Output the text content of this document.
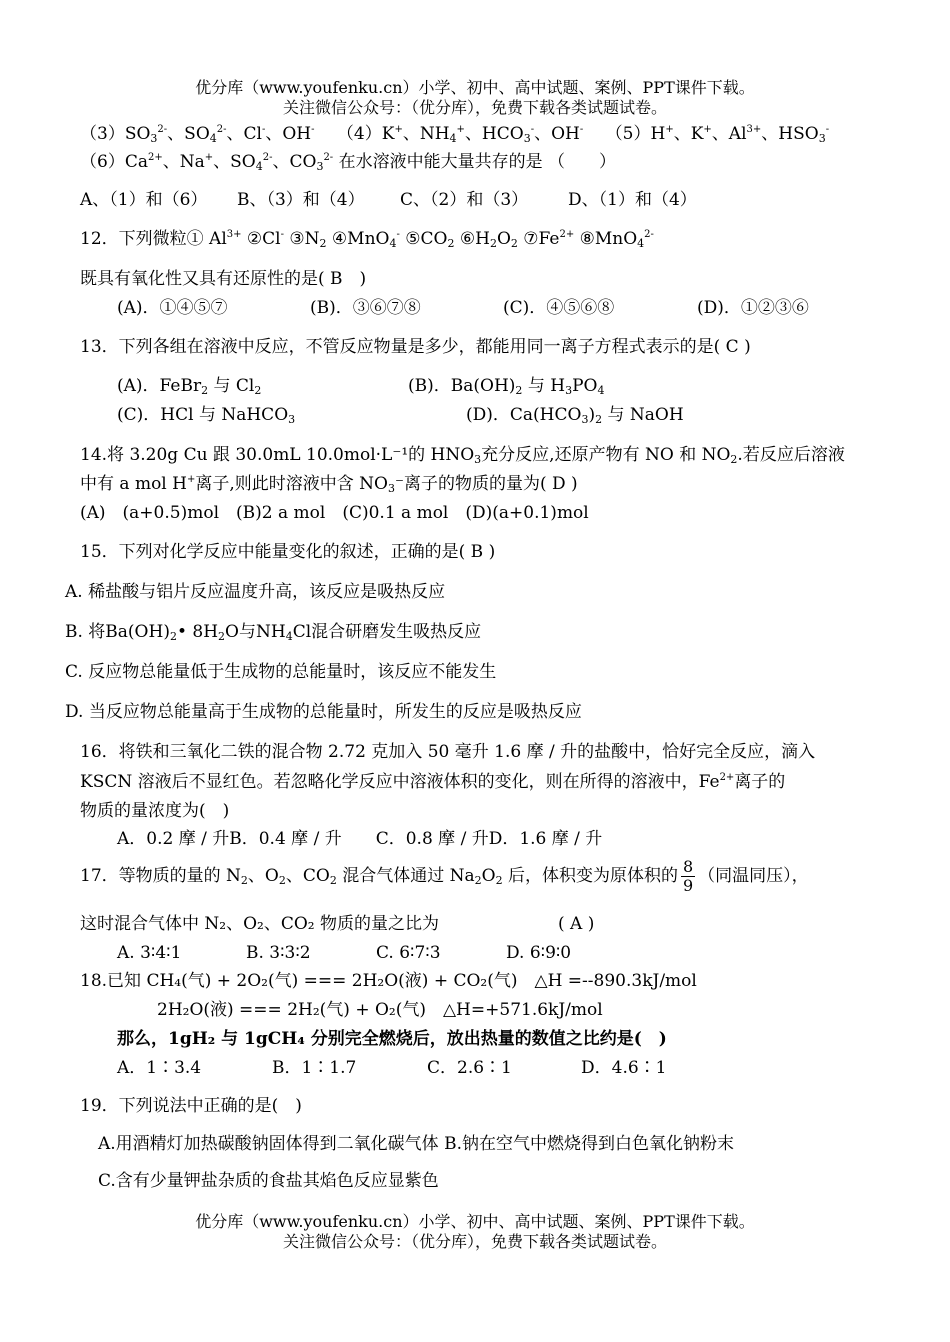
优分库（www.youfenku.cn）小学、初中、高中试题、案例、PPT课件下载。
关注微信公众号：（优分库），免费下载各类试题试卷。
$(3)SO_3^{2-}$、$SO_4^{2-}$、Cl-、OH-　 （4）K+、$NH_4^+$、$HCO_3^-$、OH-　 （5）H+、K+、$Al^{3+}$、$HSO_3^-$
$(6)Ca^{2+}$、Na+、$SO_4^{2-}$、$CO_3^{2-}$ 在水溶液中能大量共存的是 （　　）
A、（1）和（6） B、（3）和（4） C、（2）和（3） D、（1）和（4）
12．下列微粒① $Al^{3+}$ ②Cl- $③N_2$ ④MnO$_4$- $⑤CO_2$ $⑥H_2O_2$ $⑦Fe^{2+}$ ⑧MnO$_4^{2-}$
既具有氧化性又具有还原性的是( B　)
(A)．①④⑤⑦	(B)．③⑥⑦⑧	(C)．④⑤⑥⑧	(D)．①②③⑥
13．下列各组在溶液中反应，不管反应物量是多少，都能用同一离子方程式表示的是( C )
(A)．FeBr$_2$ 与 $Cl_2$	(B)．$Ba(OH)_2$ 与 $H_3PO_4$
(C)．HCl 与 NaHCO$_3$	(D)．$Ca(HCO_3)_2$ 与 NaOH
14.将 3.20g Cu 跟 30.0mL 10.0mol·L⁻¹的 $HNO_3$充分反应,还原产物有 NO 和 $NO_2$.若反应后溶液
中有 a mol H+离子,则此时溶液中含 $NO_3^-$离子的物质的量为( D )
(A)　(a+0.5)mol　(B)2 a mol　(C)0.1 a mol　(D)(a+0.1)mol
15．下列对化学反应中能量变化的叙述，正确的是( B )
A. 稀盐酸与铝片反应温度升高，该反应是吸热反应
B. 将$Ba(OH)_2•$ $8H_2O$与$NH_4Cl$混合研磨发生吸热反应
C. 反应物总能量低于生成物的总能量时，该反应不能发生
D. 当反应物总能量高于生成物的总能量时，所发生的反应是吸热反应
16．将铁和三氧化二铁的混合物 2.72 克加入 50 毫升 1.6 摩 / 升的盐酸中，恰好完全反应，滴入
KSCN 溶液后不显红色。若忽略化学反应中溶液体积的变化，则在所得的溶液中，$Fe^{2+}$离子的
物质的量浓度为(　)
A．0.2 摩 / 升B．0.4 摩 / 升　　C．0.8 摩 / 升D．1.6 摩 / 升
17．等物质的量的 $N_2$、$O_2$、$CO_2$ 混合气体通过 $Na_2O_2$ 后，体积变为原体积的 $\frac{8}{9}$ （同温同压），
这时混合气体中 N₂、O₂、CO₂ 物质的量之比为　　　　　　　( A )
A. 3∶4∶1	B. 3∶3∶2	C. 6∶7∶3	D. 6∶9∶0
18.已知 CH₄(气) + 2O₂(气) === 2H₂O(液) + CO₂(气)　△H =--890.3kJ/mol
2H₂O(液) === 2H₂(气) + O₂(气)　△H=+571.6kJ/mol
那么，1gH₂ 与 1gCH₄ 分别完全燃烧后，放出热量的数值之比约是(　)
A．1∶3.4	B．1∶1.7	C．2.6∶1	D．4.6∶1
19．下列说法中正确的是(　)
A.用酒精灯加热碳酸钠固体得到二氧化碳气体 B.钠在空气中燃烧得到白色氧化钠粉末
C.含有少量钾盐杂质的食盐其焰色反应显紫色
优分库（www.youfenku.cn）小学、初中、高中试题、案例、PPT课件下载。
关注微信公众号：（优分库），免费下载各类试题试卷。
